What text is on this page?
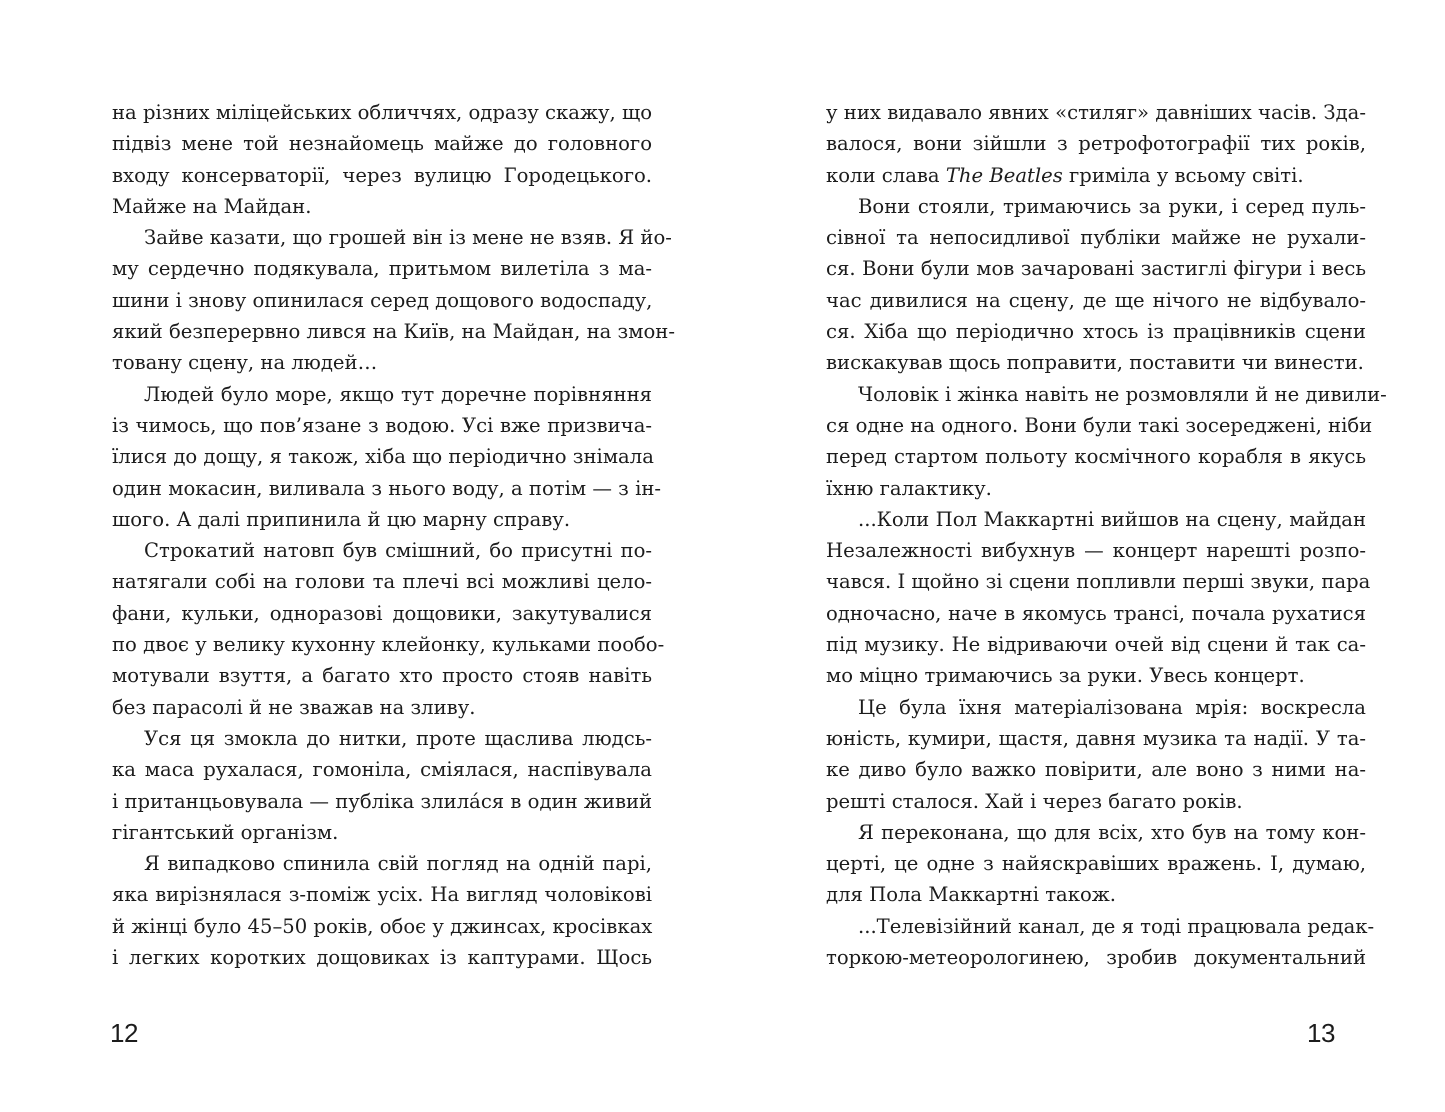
на різних міліцейських обличчях, одразу скажу, що
підвіз мене той незнайомець майже до головного
входу консерваторії, через вулицю Городецького.
Майже на Майдан.
Зайве казати, що грошей він із мене не взяв. Я йо-
му сердечно подякувала, притьмом вилетіла з ма-
шини і знову опинилася серед дощового водоспаду,
який безперервно лився на Київ, на Майдан, на змон-
товану сцену, на людей…
Людей було море, якщо тут доречне порівняння
із чимось, що пов’язане з водою. Усі вже призвича-
їлися до дощу, я також, хіба що періодично знімала
один мокасин, виливала з нього воду, а потім — з ін-
шого. А далі припинила й цю марну справу.
Строкатий натовп був смішний, бо присутні по-
натягали собі на голови та плечі всі можливі цело-
фани, кульки, одноразові дощовики, закутувалися
по двоє у велику кухонну клейонку, кульками пообо-
мотували взуття, а багато хто просто стояв навіть
без парасолі й не зважав на зливу.
Уся ця змокла до нитки, проте щаслива людсь-
ка маса рухалася, гомоніла, сміялася, наспівувала
і пританцьовувала — публіка злила́ся в один живий
гігантський організм.
Я випадково спинила свій погляд на одній парі,
яка вирізнялася з-поміж усіх. На вигляд чоловікові
й жінці було 45–50 років, обоє у джинсах, кросівках
і легких коротких дощовиках із каптурами. Щось
у них видавало явних «стиляг» давніших часів. Зда-
валося, вони зійшли з ретрофотографії тих років,
коли слава The Beatles гриміла у всьому світі.
Вони стояли, тримаючись за руки, і серед пуль-
сівної та непосидливої публіки майже не рухали-
ся. Вони були мов зачаровані застиглі фігури і весь
час дивилися на сцену, де ще нічого не відбувало-
ся. Хіба що періодично хтось із працівників сцени
вискакував щось поправити, поставити чи винести.
Чоловік і жінка навіть не розмовляли й не дивили-
ся одне на одного. Вони були такі зосереджені, ніби
перед стартом польоту космічного корабля в якусь
їхню галактику.
...Коли Пол Маккартні вийшов на сцену, майдан
Незалежності вибухнув — концерт нарешті розпо-
чався. І щойно зі сцени попливли перші звуки, пара
одночасно, наче в якомусь трансі, почала рухатися
під музику. Не відриваючи очей від сцени й так са-
мо міцно тримаючись за руки. Увесь концерт.
Це була їхня матеріалізована мрія: воскресла
юність, кумири, щастя, давня музика та надії. У та-
ке диво було важко повірити, але воно з ними на-
решті сталося. Хай і через багато років.
Я переконана, що для всіх, хто був на тому кон-
церті, це одне з найяскравіших вражень. І, думаю,
для Пола Маккартні також.
...Телевізійний канал, де я тоді працювала редак-
торкою-метеорологинею, зробив документальний
12	13
